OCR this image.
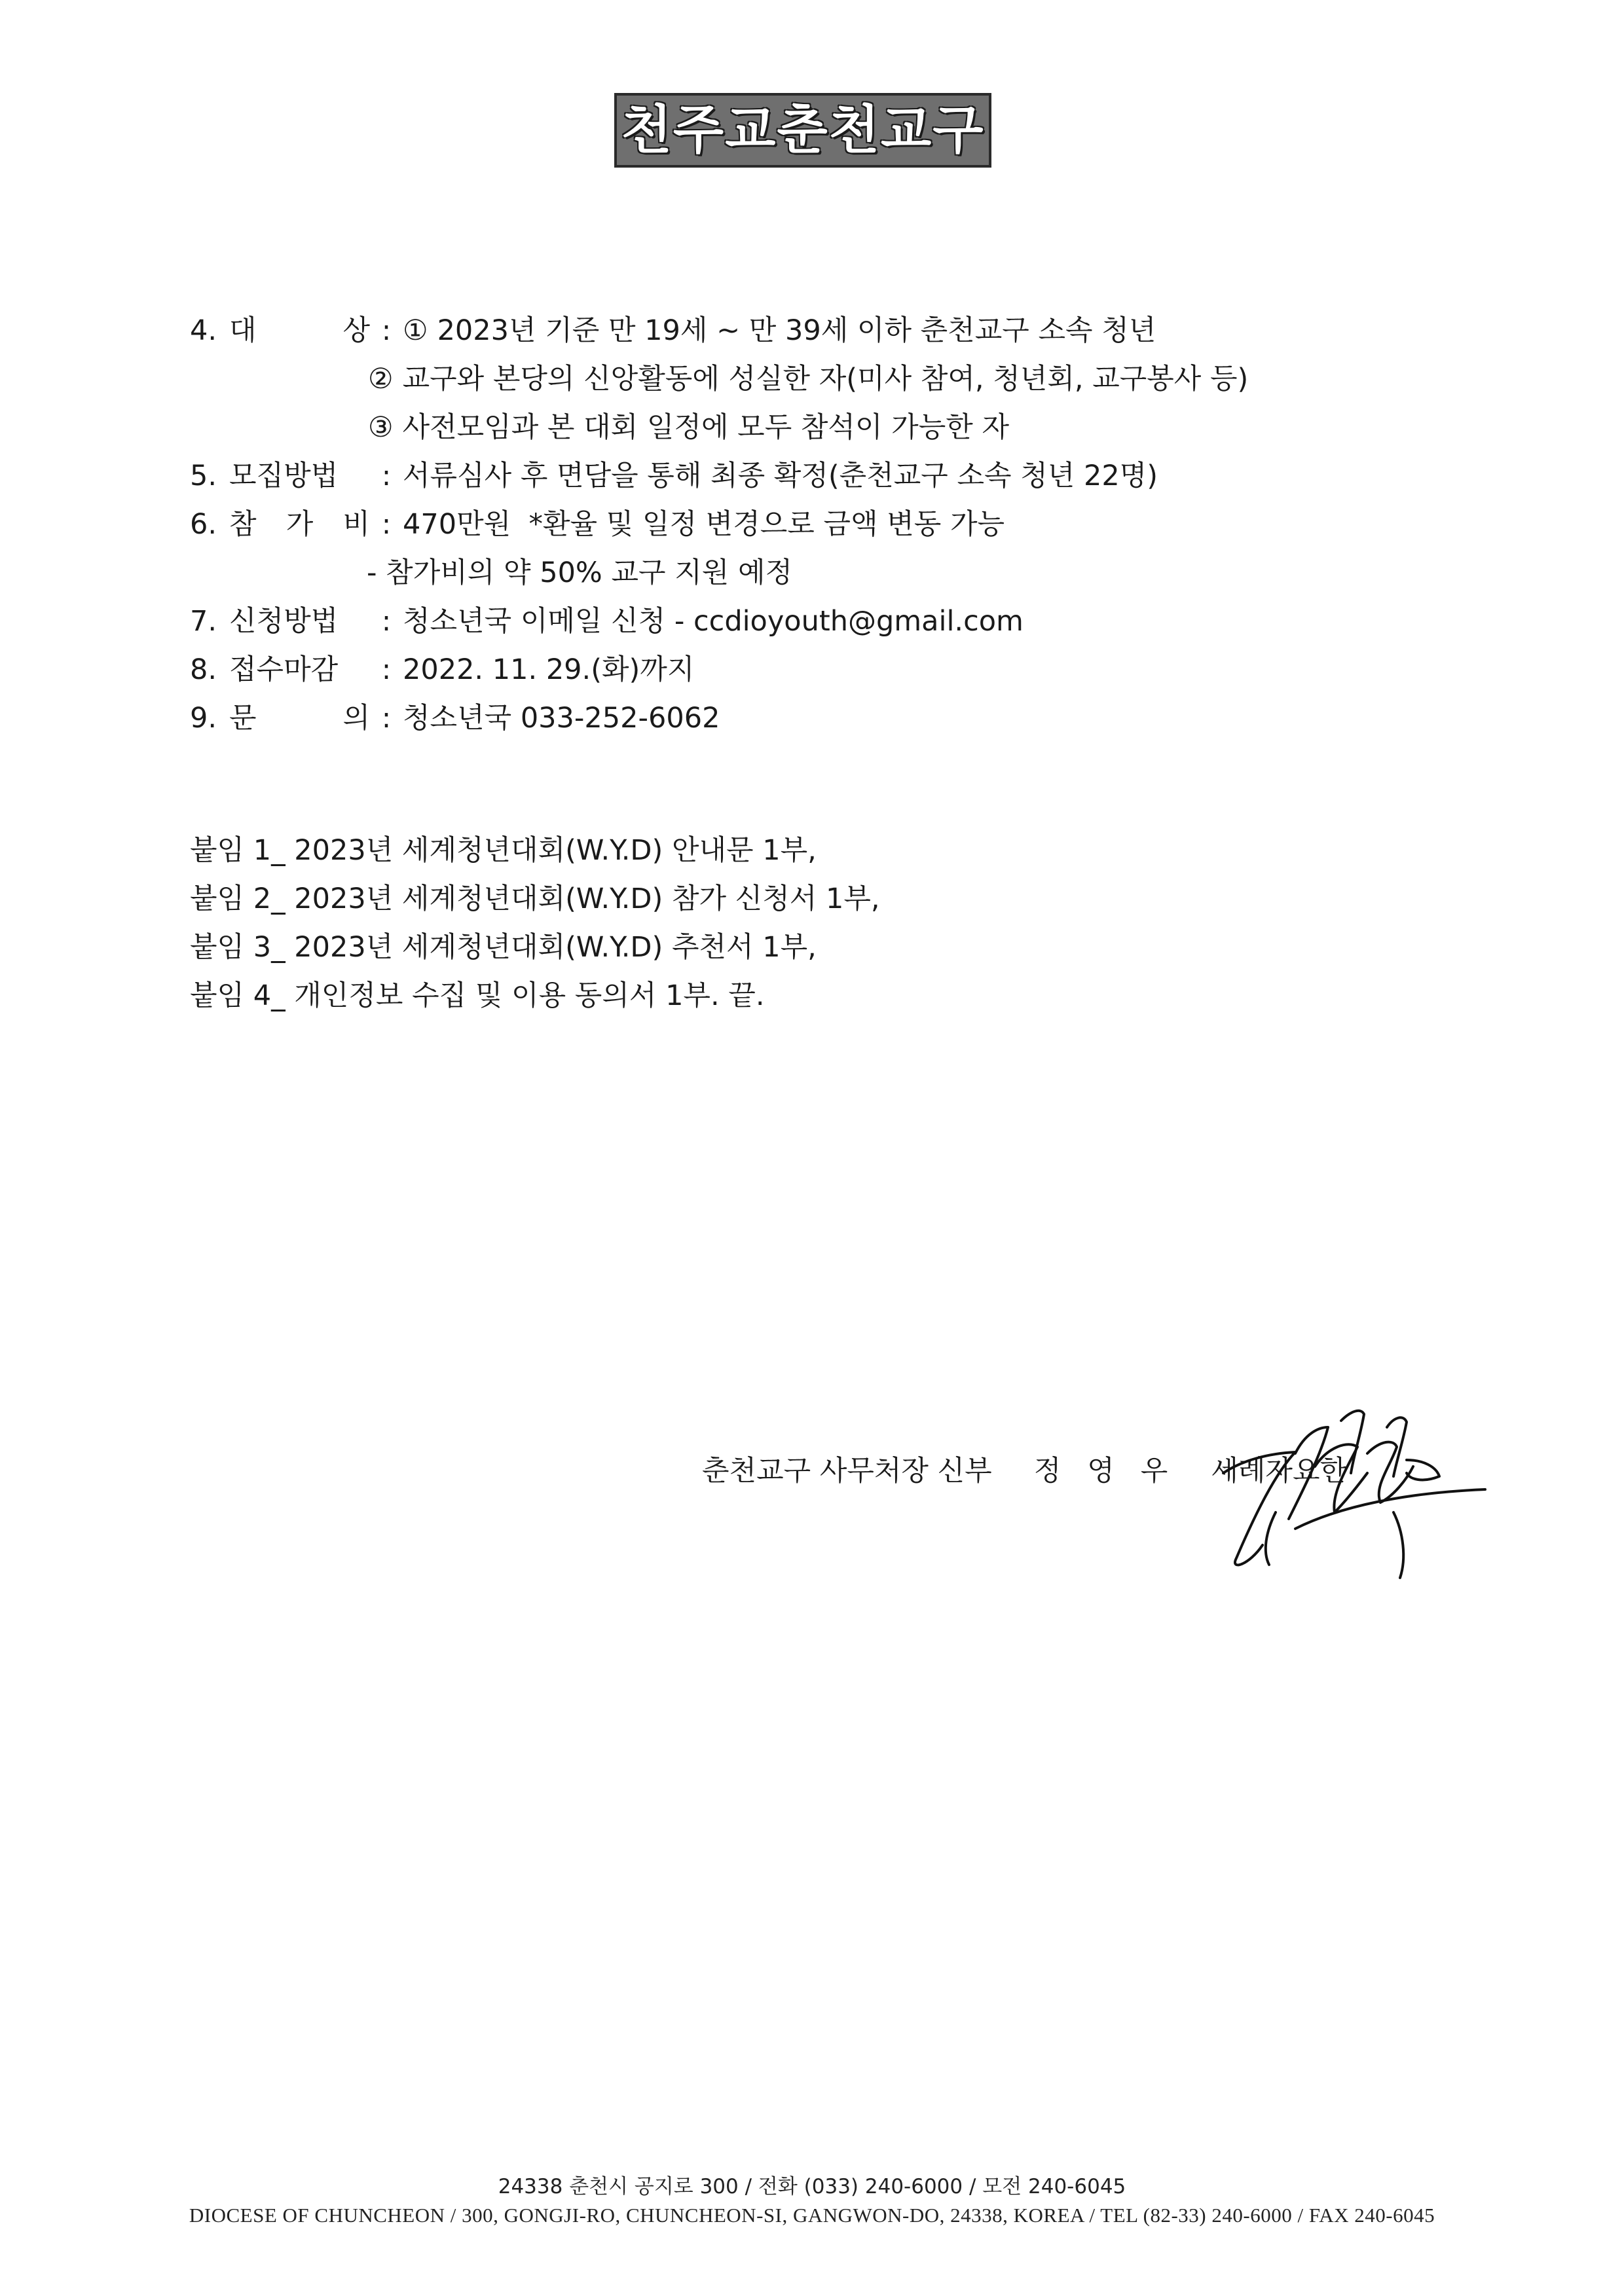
천주교춘천교구
4. 대	상 : ① 2023년 기준 만 19세 ~ 만 39세 이하 춘천교구 소속 청년
② 교구와 본당의 신앙활동에 성실한 자(미사 참여, 청년회, 교구봉사 등)
③ 사전모임과 본 대회 일정에 모두 참석이 가능한 자
5. 모집방법	: 서류심사 후 면담을 통해 최종 확정(춘천교구 소속 청년 22명)
6. 참 가 비 : 470만원  *환율 및 일정 변경으로 금액 변동 가능
- 참가비의 약 50% 교구 지원 예정
7. 신청방법	: 청소년국 이메일 신청 - ccdioyouth@gmail.com
8. 접수마감	: 2022. 11. 29.(화)까지
9. 문	의 : 청소년국 033-252-6062
붙임 1_ 2023년 세계청년대회(W.Y.D) 안내문 1부,
붙임 2_ 2023년 세계청년대회(W.Y.D) 참가 신청서 1부,
붙임 3_ 2023년 세계청년대회(W.Y.D) 추천서 1부,
붙임 4_ 개인정보 수집 및 이용 동의서 1부. 끝.
춘천교구 사무처장 신부 정영우 세례자요한
24338 춘천시 공지로 300 / 전화 (033) 240-6000 / 모전 240-6045
DIOCESE OF CHUNCHEON / 300, GONGJI-RO, CHUNCHEON-SI, GANGWON-DO, 24338, KOREA / TEL (82-33) 240-6000 / FAX 240-6045
